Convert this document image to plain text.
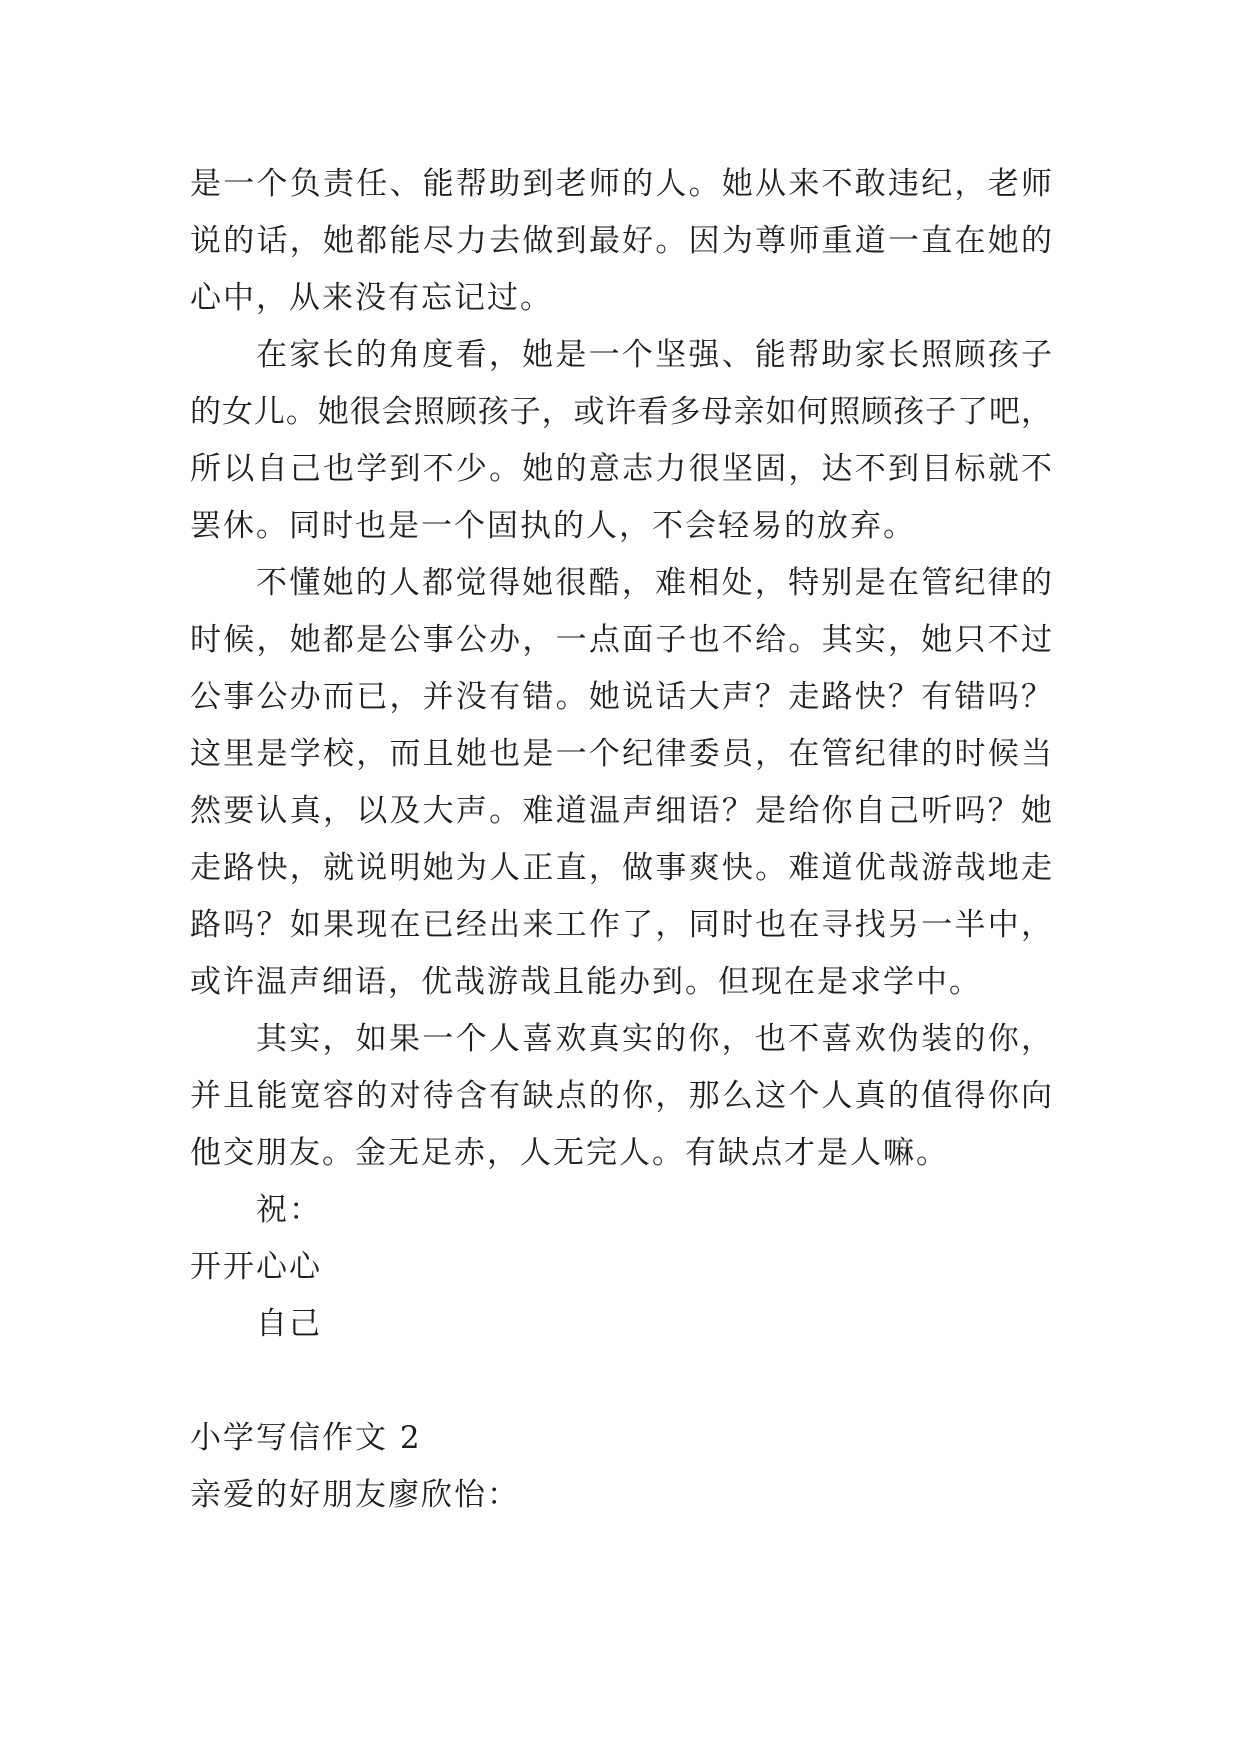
是一个负责任、能帮助到老师的人。她从来不敢违纪，老师
说的话，她都能尽力去做到最好。因为尊师重道一直在她的
心中，从来没有忘记过。
在家长的角度看，她是一个坚强、能帮助家长照顾孩子
的女儿。她很会照顾孩子，或许看多母亲如何照顾孩子了吧，
所以自己也学到不少。她的意志力很坚固，达不到目标就不
罢休。同时也是一个固执的人，不会轻易的放弃。
不懂她的人都觉得她很酷，难相处，特别是在管纪律的
时候，她都是公事公办，一点面子也不给。其实，她只不过
公事公办而已，并没有错。她说话大声？走路快？有错吗？
这里是学校，而且她也是一个纪律委员，在管纪律的时候当
然要认真，以及大声。难道温声细语？是给你自己听吗？她
走路快，就说明她为人正直，做事爽快。难道优哉游哉地走
路吗？如果现在已经出来工作了，同时也在寻找另一半中，
或许温声细语，优哉游哉且能办到。但现在是求学中。
其实，如果一个人喜欢真实的你，也不喜欢伪装的你，
并且能宽容的对待含有缺点的你，那么这个人真的值得你向
他交朋友。金无足赤，人无完人。有缺点才是人嘛。
祝：
开开心心
自己
小学写信作文 2
亲爱的好朋友廖欣怡：
